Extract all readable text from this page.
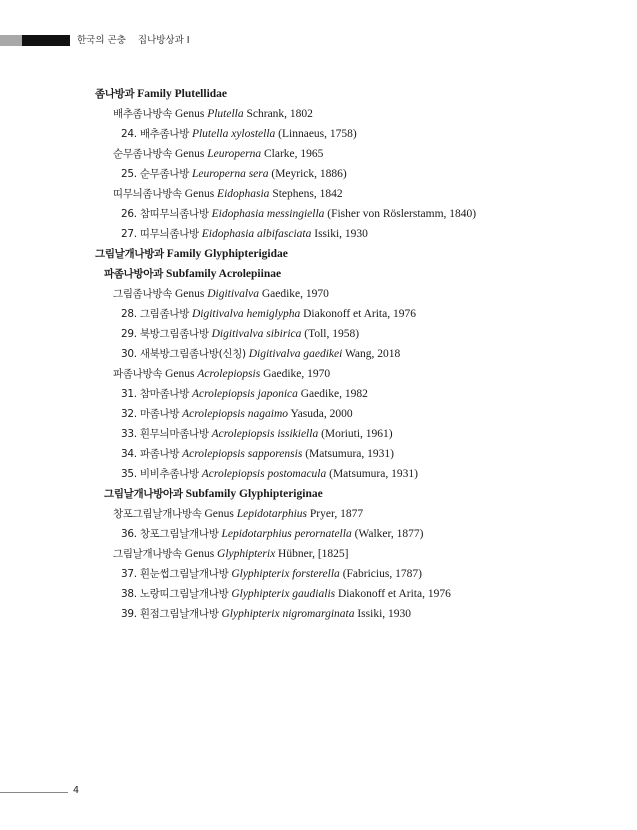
한국의 곤충 집나방상과 I
좀나방과 Family Plutellidae
배추좀나방속 Genus Plutella Schrank, 1802
24. 배추좀나방 Plutella xylostella (Linnaeus, 1758)
순무좀나방속 Genus Leuroperna Clarke, 1965
25. 순무좀나방 Leuroperna sera (Meyrick, 1886)
띠무늬좀나방속 Genus Eidophasia Stephens, 1842
26. 참띠무늬좀나방 Eidophasia messingiella (Fisher von Röslerstamm, 1840)
27. 띠무늬좀나방 Eidophasia albifasciata Issiki, 1930
그림날개나방과 Family Glyphipterigidae
파좀나방아과 Subfamily Acrolepiinae
그림좀나방속 Genus Digitivalva Gaedike, 1970
28. 그림좀나방 Digitivalva hemiglypha Diakonoff et Arita, 1976
29. 북방그림좀나방 Digitivalva sibirica (Toll, 1958)
30. 새북방그림좀나방(신칭) Digitivalva gaedikei Wang, 2018
파좀나방속 Genus Acrolepiopsis Gaedike, 1970
31. 참마좀나방 Acrolepiopsis japonica Gaedike, 1982
32. 마좀나방 Acrolepiopsis nagaimo Yasuda, 2000
33. 흰무늬마좀나방 Acrolepiopsis issikiella (Moriuti, 1961)
34. 파좀나방 Acrolepiopsis sapporensis (Matsumura, 1931)
35. 비비추좀나방 Acrolepiopsis postomacula (Matsumura, 1931)
그림날개나방아과 Subfamily Glyphipteriginae
창포그림날개나방속 Genus Lepidotarphius Pryer, 1877
36. 창포그림날개나방 Lepidotarphius perornatella (Walker, 1877)
그림날개나방속 Genus Glyphipterix Hübner, [1825]
37. 흰눈썹그림날개나방 Glyphipterix forsterella (Fabricius, 1787)
38. 노랑띠그림날개나방 Glyphipterix gaudialis Diakonoff et Arita, 1976
39. 흰점그림날개나방 Glyphipterix nigromarginata Issiki, 1930
4
